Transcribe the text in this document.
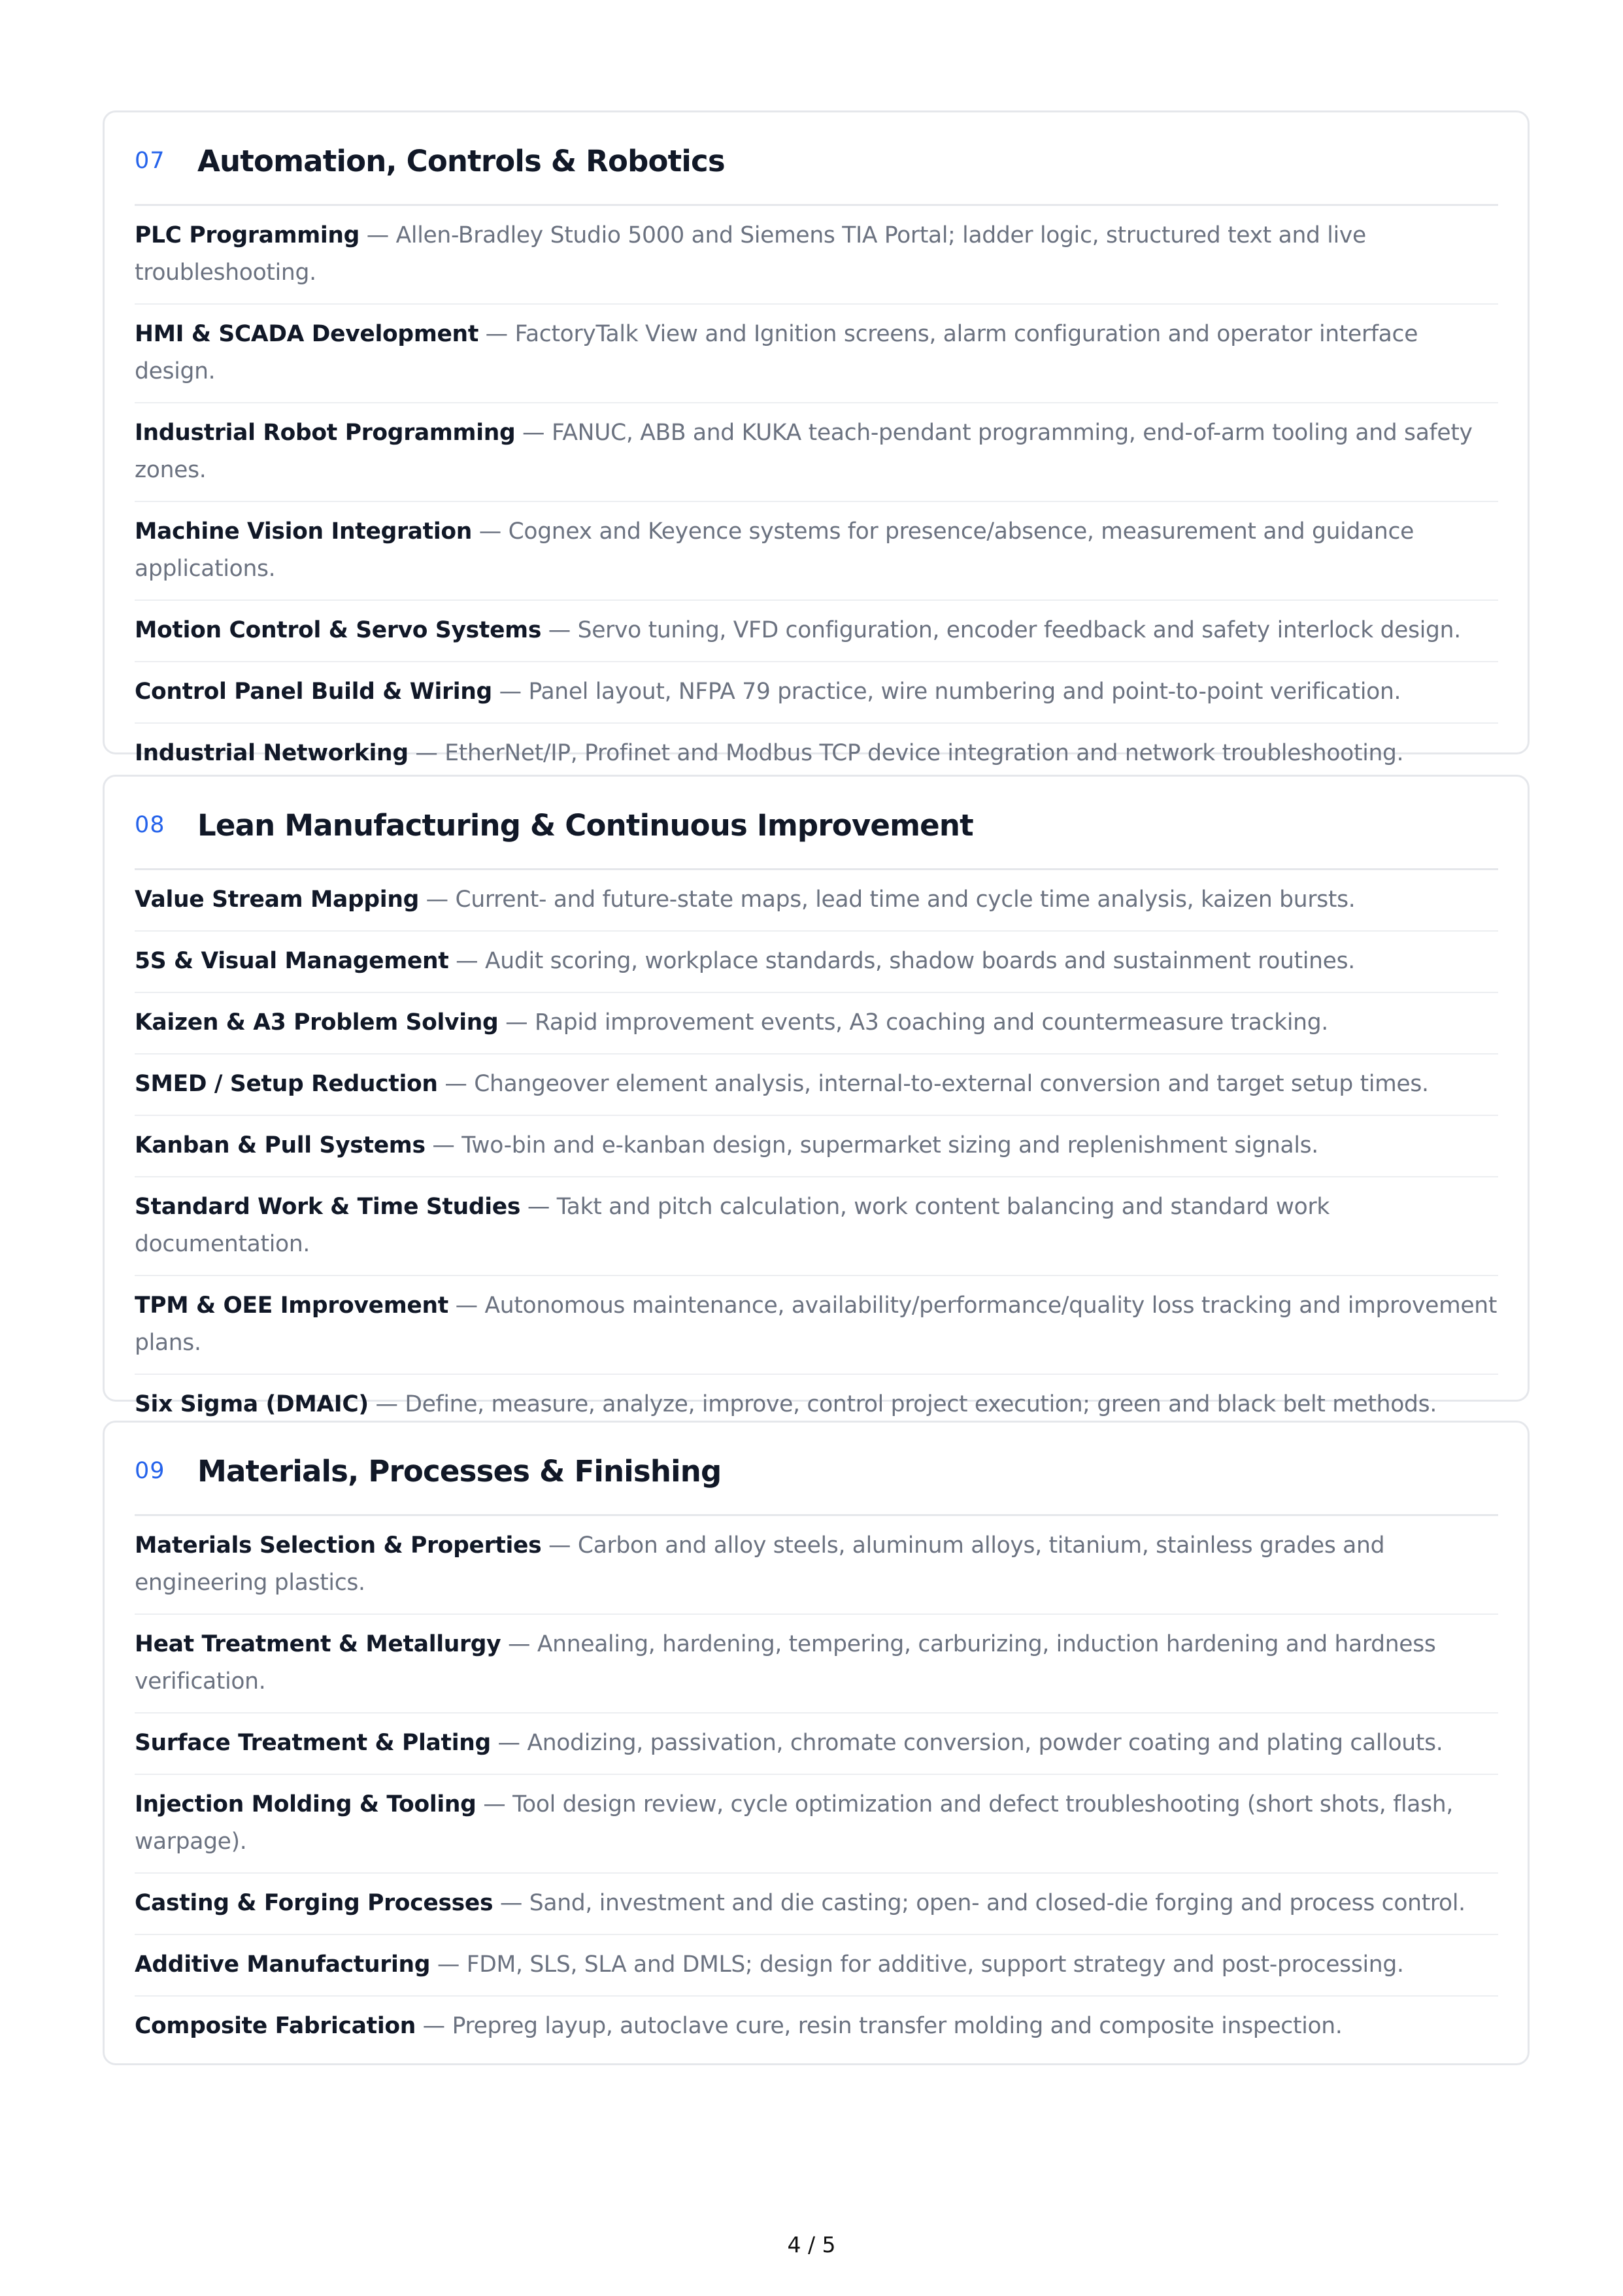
07	Automation, Controls & Robotics
PLC Programming — Allen-Bradley Studio 5000 and Siemens TIA Portal; ladder logic, structured text and live troubleshooting.
HMI & SCADA Development — FactoryTalk View and Ignition screens, alarm configuration and operator interface design.
Industrial Robot Programming — FANUC, ABB and KUKA teach-pendant programming, end-of-arm tooling and safety zones.
Machine Vision Integration — Cognex and Keyence systems for presence/absence, measurement and guidance applications.
Motion Control & Servo Systems — Servo tuning, VFD configuration, encoder feedback and safety interlock design.
Control Panel Build & Wiring — Panel layout, NFPA 79 practice, wire numbering and point-to-point verification.
Industrial Networking — EtherNet/IP, Profinet and Modbus TCP device integration and network troubleshooting.
08	Lean Manufacturing & Continuous Improvement
Value Stream Mapping — Current- and future-state maps, lead time and cycle time analysis, kaizen bursts.
5S & Visual Management — Audit scoring, workplace standards, shadow boards and sustainment routines.
Kaizen & A3 Problem Solving — Rapid improvement events, A3 coaching and countermeasure tracking.
SMED / Setup Reduction — Changeover element analysis, internal-to-external conversion and target setup times.
Kanban & Pull Systems — Two-bin and e-kanban design, supermarket sizing and replenishment signals.
Standard Work & Time Studies — Takt and pitch calculation, work content balancing and standard work documentation.
TPM & OEE Improvement — Autonomous maintenance, availability/performance/quality loss tracking and improvement plans.
Six Sigma (DMAIC) — Define, measure, analyze, improve, control project execution; green and black belt methods.
09	Materials, Processes & Finishing
Materials Selection & Properties — Carbon and alloy steels, aluminum alloys, titanium, stainless grades and engineering plastics.
Heat Treatment & Metallurgy — Annealing, hardening, tempering, carburizing, induction hardening and hardness verification.
Surface Treatment & Plating — Anodizing, passivation, chromate conversion, powder coating and plating callouts.
Injection Molding & Tooling — Tool design review, cycle optimization and defect troubleshooting (short shots, flash, warpage).
Casting & Forging Processes — Sand, investment and die casting; open- and closed-die forging and process control.
Additive Manufacturing — FDM, SLS, SLA and DMLS; design for additive, support strategy and post-processing.
Composite Fabrication — Prepreg layup, autoclave cure, resin transfer molding and composite inspection.
4 / 5
